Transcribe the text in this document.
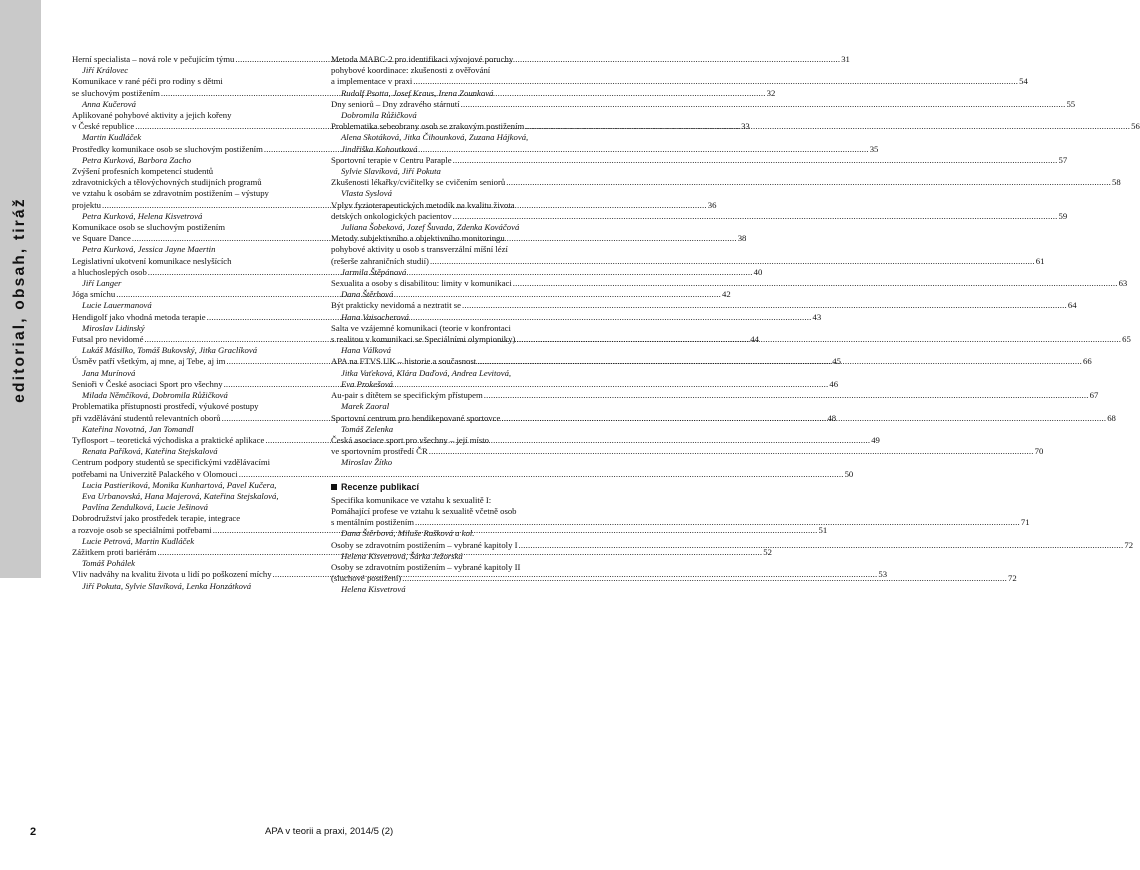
editorial, obsah, tiráž
Herní specialista – nová role v pečujícím týmu .....	31
Jiří Královec
Komunikace v rané péči pro rodiny s dětmi
se sluchovým postižením .....	32
Anna Kučerová
Aplikované pohybové aktivity a jejich kořeny
v České republice .....	33
Martin Kudláček
Prostředky komunikace osob se sluchovým postižením .....	35
Petra Kurková, Barbora Zacho
Zvýšení profesních kompetencí studentů
zdravotnických a tělovýchovných studijních programů
ve vztahu k osobám se zdravotním postižením – výstupy
projektu .....	36
Petra Kurková, Helena Kisvetrová
Komunikace osob se sluchovým postižením
ve Square Dance .....	38
Petra Kurková, Jessica Jayne Maertin
Legislativní ukotvení komunikace neslyšících
a hluchoslepých osob .....	40
Jiří Langer
Jóga smíchu .....	42
Lucie Lauermanová
Hendigolf jako vhodná metoda terapie .....	43
Miroslav Lidinský
Futsal pro nevidomé .....	44
Lukáš Másilko, Tomáš Bukovský, Jitka Graclíková
Úsměv patří všetkým, aj mne, aj Tebe, aj im .....	45
Jana Murínová
Senioři v České asociaci Sport pro všechny .....	46
Milada Němčíková, Dobromila Růžičková
Problematika přístupnosti prostředí, výukové postupy
při vzdělávání studentů relevantních oborů .....	48
Kateřina Novotná, Jan Tomandl
Tyflosport – teoretická východiska a praktické aplikace .....	49
Renata Paříková, Kateřina Stejskalová
Centrum podpory studentů se specifickými vzdělávacími
potřebami na Univerzitě Palackého v Olomouci .....	50
Lucia Pastieriková, Monika Kunhartová, Pavel Kučera,
Eva Urbanovská, Hana Majerová, Kateřina Stejskalová,
Pavlína Zendulková, Lucie Ješinová
Dobrodružství jako prostředek terapie, integrace
a rozvoje osob se speciálními potřebami .....	51
Lucie Petrová, Martin Kudláček
Zážitkem proti bariérám .....	52
Tomáš Pohálek
Vliv nadváhy na kvalitu života u lidí po poškození míchy .....	53
Jiří Pokuta, Sylvie Slavíková, Lenka Honzátková
Metoda MABC-2 pro identifikaci vývojové poruchy
pohybové koordinace: zkušenosti z ověřování
a implementace v praxi .....	54
Rudolf Psotta, Josef Kraus, Irena Zounková
Dny seniorů – Dny zdravého stárnutí .....	55
Dobromila Růžičková
Problematika sebeobrany osob se zrakovým postižením .....	56
Alena Skotáková, Jitka Čihounková, Zuzana Hájková,
Jindřiška Kohoutková
Sportovní terapie v Centru Paraple .....	57
Sylvie Slavíková, Jiří Pokuta
Zkušenosti lékařky/cvičitelky se cvičením seniorů .....	58
Vlasta Syslová
Vplyv fyzioterapeutických metodík na kvalitu života
detských onkologických pacientov .....	59
Juliana Šobeková, Jozef Šuvada, Zdenka Kováčová
Metody subjektivního a objektivního monitoringu
pohybové aktivity u osob s transverzální míšní lézí
(rešerše zahraničních studií) .....	61
Jarmila Štěpánová
Sexualita a osoby s disabilitou: limity v komunikaci .....	63
Dana Štěrbová
Být prakticky nevidomá a neztratit se .....	64
Hana Vaisocherová
Salta ve vzájemné komunikaci (teorie v konfrontaci
s realitou v komunikaci se Speciálními olympioniky) .....	65
Hana Válková
APA na FTVS UK – historie a současnost .....	66
Jitka Vaťeková, Klára Daďová, Andrea Levitová,
Eva Prokešová
Au-pair s dítětem se specifickým přístupem .....	67
Marek Zaoral
Sportovní centrum pro hendikepované sportovce .....	68
Tomáš Zelenka
Česká asociace sport pro všechny – její místo
ve sportovním prostředí ČR .....	70
Miroslav Žítko
Recenze publikací
Specifika komunikace ve vztahu k sexualitě I:
Pomáhající profese ve vztahu k sexualitě včetně osob
s mentálním postižením .....	71
Dana Štěrbová, Miluše Rašková a kol.
Osoby se zdravotním postižením – vybrané kapitoly I .....	72
Helena Kisvetrová, Šárka Ježorská
Osoby se zdravotním postižením – vybrané kapitoly II
(sluchové postižení) .....	72
Helena Kisvetrová
2	APA v teorii a praxi, 2014/5 (2)
